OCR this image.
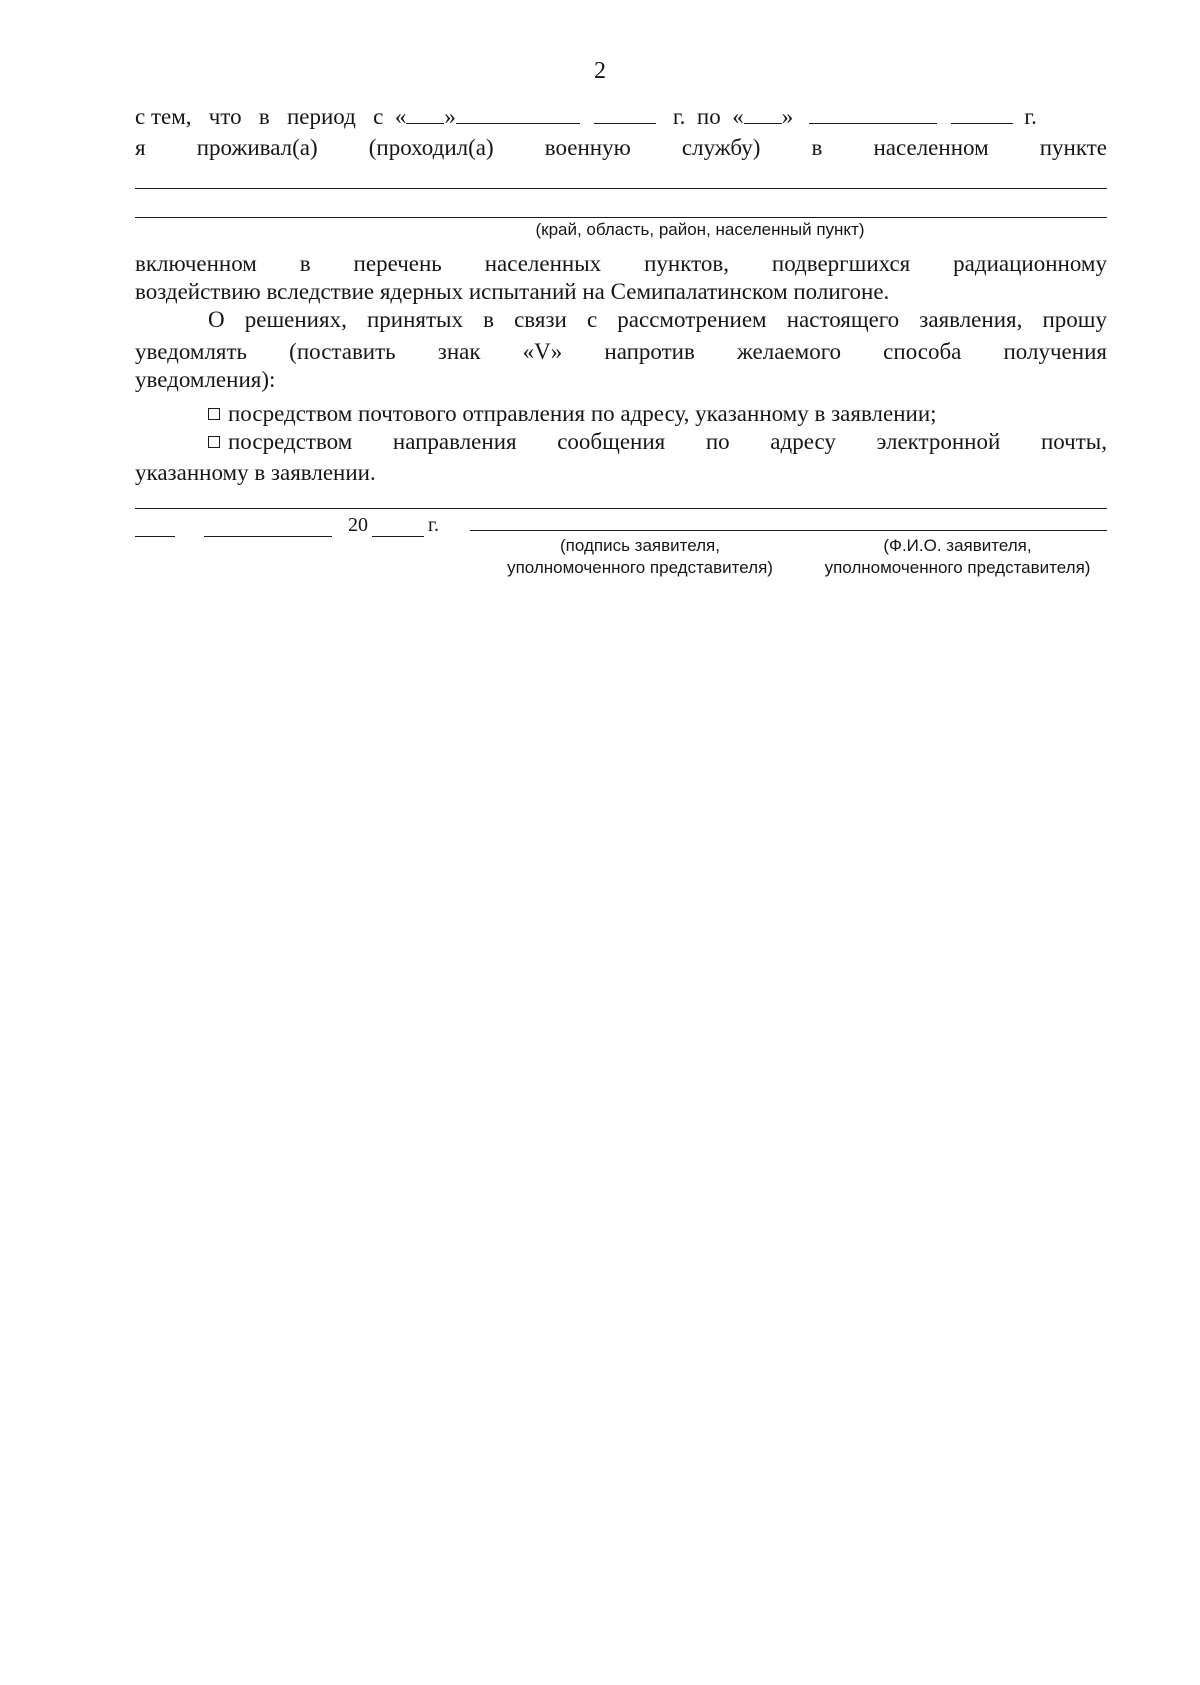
2
с тем, что в период с « »	г. по « »	г.
я проживал(а) (проходил(а) военную службу) в населенном пункте
(край, область, район, населенный пункт)
включенном в перечень населенных пунктов, подвергшихся радиационному
воздействию вследствие ядерных испытаний на Семипалатинском полигоне.
О решениях, принятых в связи с рассмотрением настоящего заявления, прошу
уведомлять (поставить знак «V» напротив желаемого способа получения
уведомления):
посредством почтового отправления по адресу, указанному в заявлении;
посредством направления сообщения по адресу электронной почты,
указанному в заявлении.
20	г.
(подпись заявителя,
уполномоченного представителя)
(Ф.И.О. заявителя,
уполномоченного представителя)
